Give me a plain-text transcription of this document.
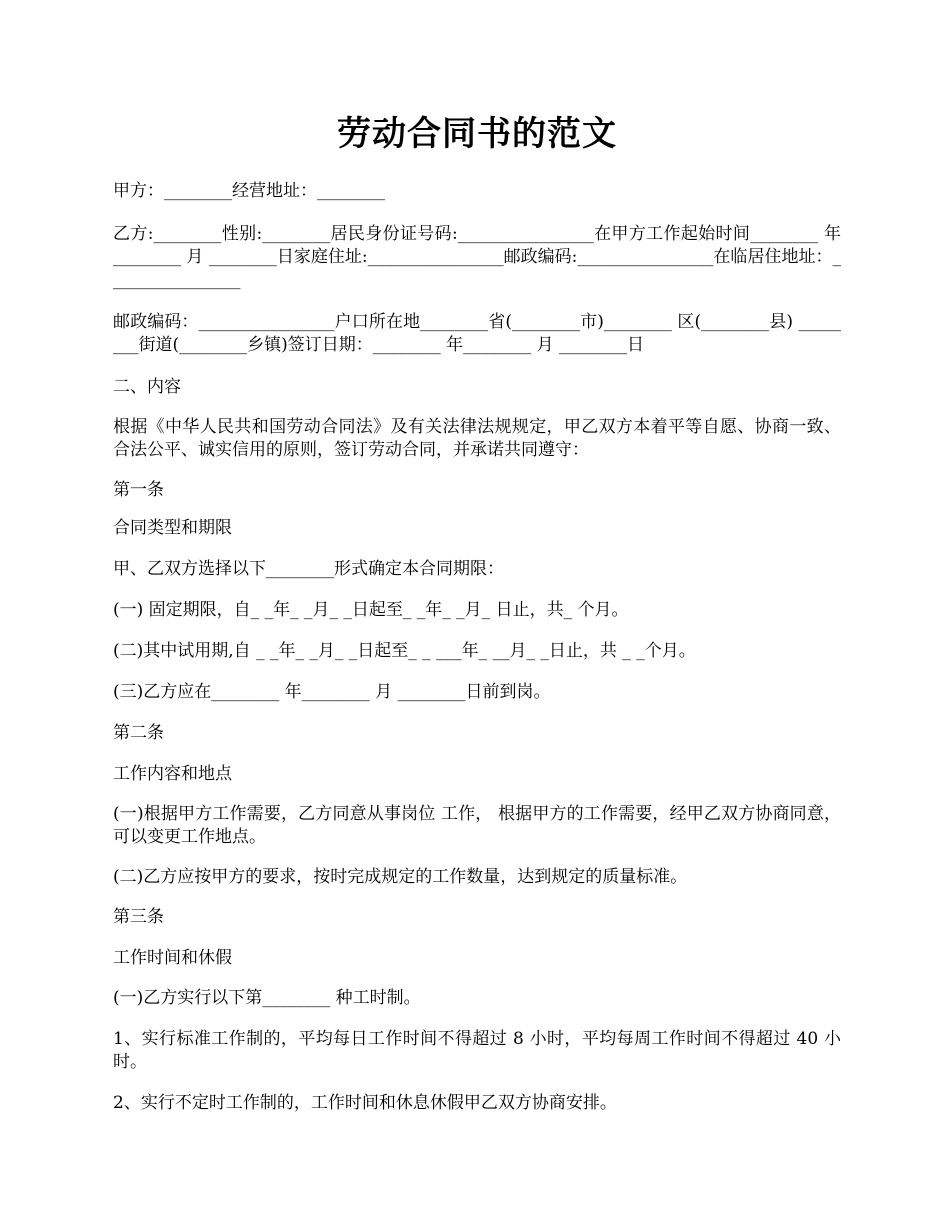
劳动合同书的范文

甲方：________经营地址：________

乙方:________性别:________居民身份证号码:________________在甲方工作起始时间________ 年________ 月 ________日家庭住址:________________邮政编码:________________在临居住地址：________________

邮政编码：________________户口所在地________省(________市)________ 区(________县) ________街道(________乡镇)签订日期：________ 年________ 月 ________日

二、内容

根据《中华人民共和国劳动合同法》及有关法律法规规定，甲乙双方本着平等自愿、协商一致、合法公平、诚实信用的原则，签订劳动合同，并承诺共同遵守：

第一条

合同类型和期限

甲、乙双方选择以下________形式确定本合同期限：

(一) 固定期限，自_ _年_ _月_ _日起至_ _年_ _月_ 日止，共_ 个月。

(二)其中试用期,自 _ _年_ _月_ _日起至_ _ ___年_ __月_ _日止，共 _ _个月。

(三)乙方应在________ 年________ 月 ________日前到岗。

第二条

工作内容和地点

(一)根据甲方工作需要，乙方同意从事岗位 工作， 根据甲方的工作需要，经甲乙双方协商同意，可以变更工作地点。

(二)乙方应按甲方的要求，按时完成规定的工作数量，达到规定的质量标准。

第三条

工作时间和休假

(一)乙方实行以下第________ 种工时制。

1、实行标准工作制的，平均每日工作时间不得超过 8 小时，平均每周工作时间不得超过 40 小时。

2、实行不定时工作制的，工作时间和休息休假甲乙双方协商安排。
